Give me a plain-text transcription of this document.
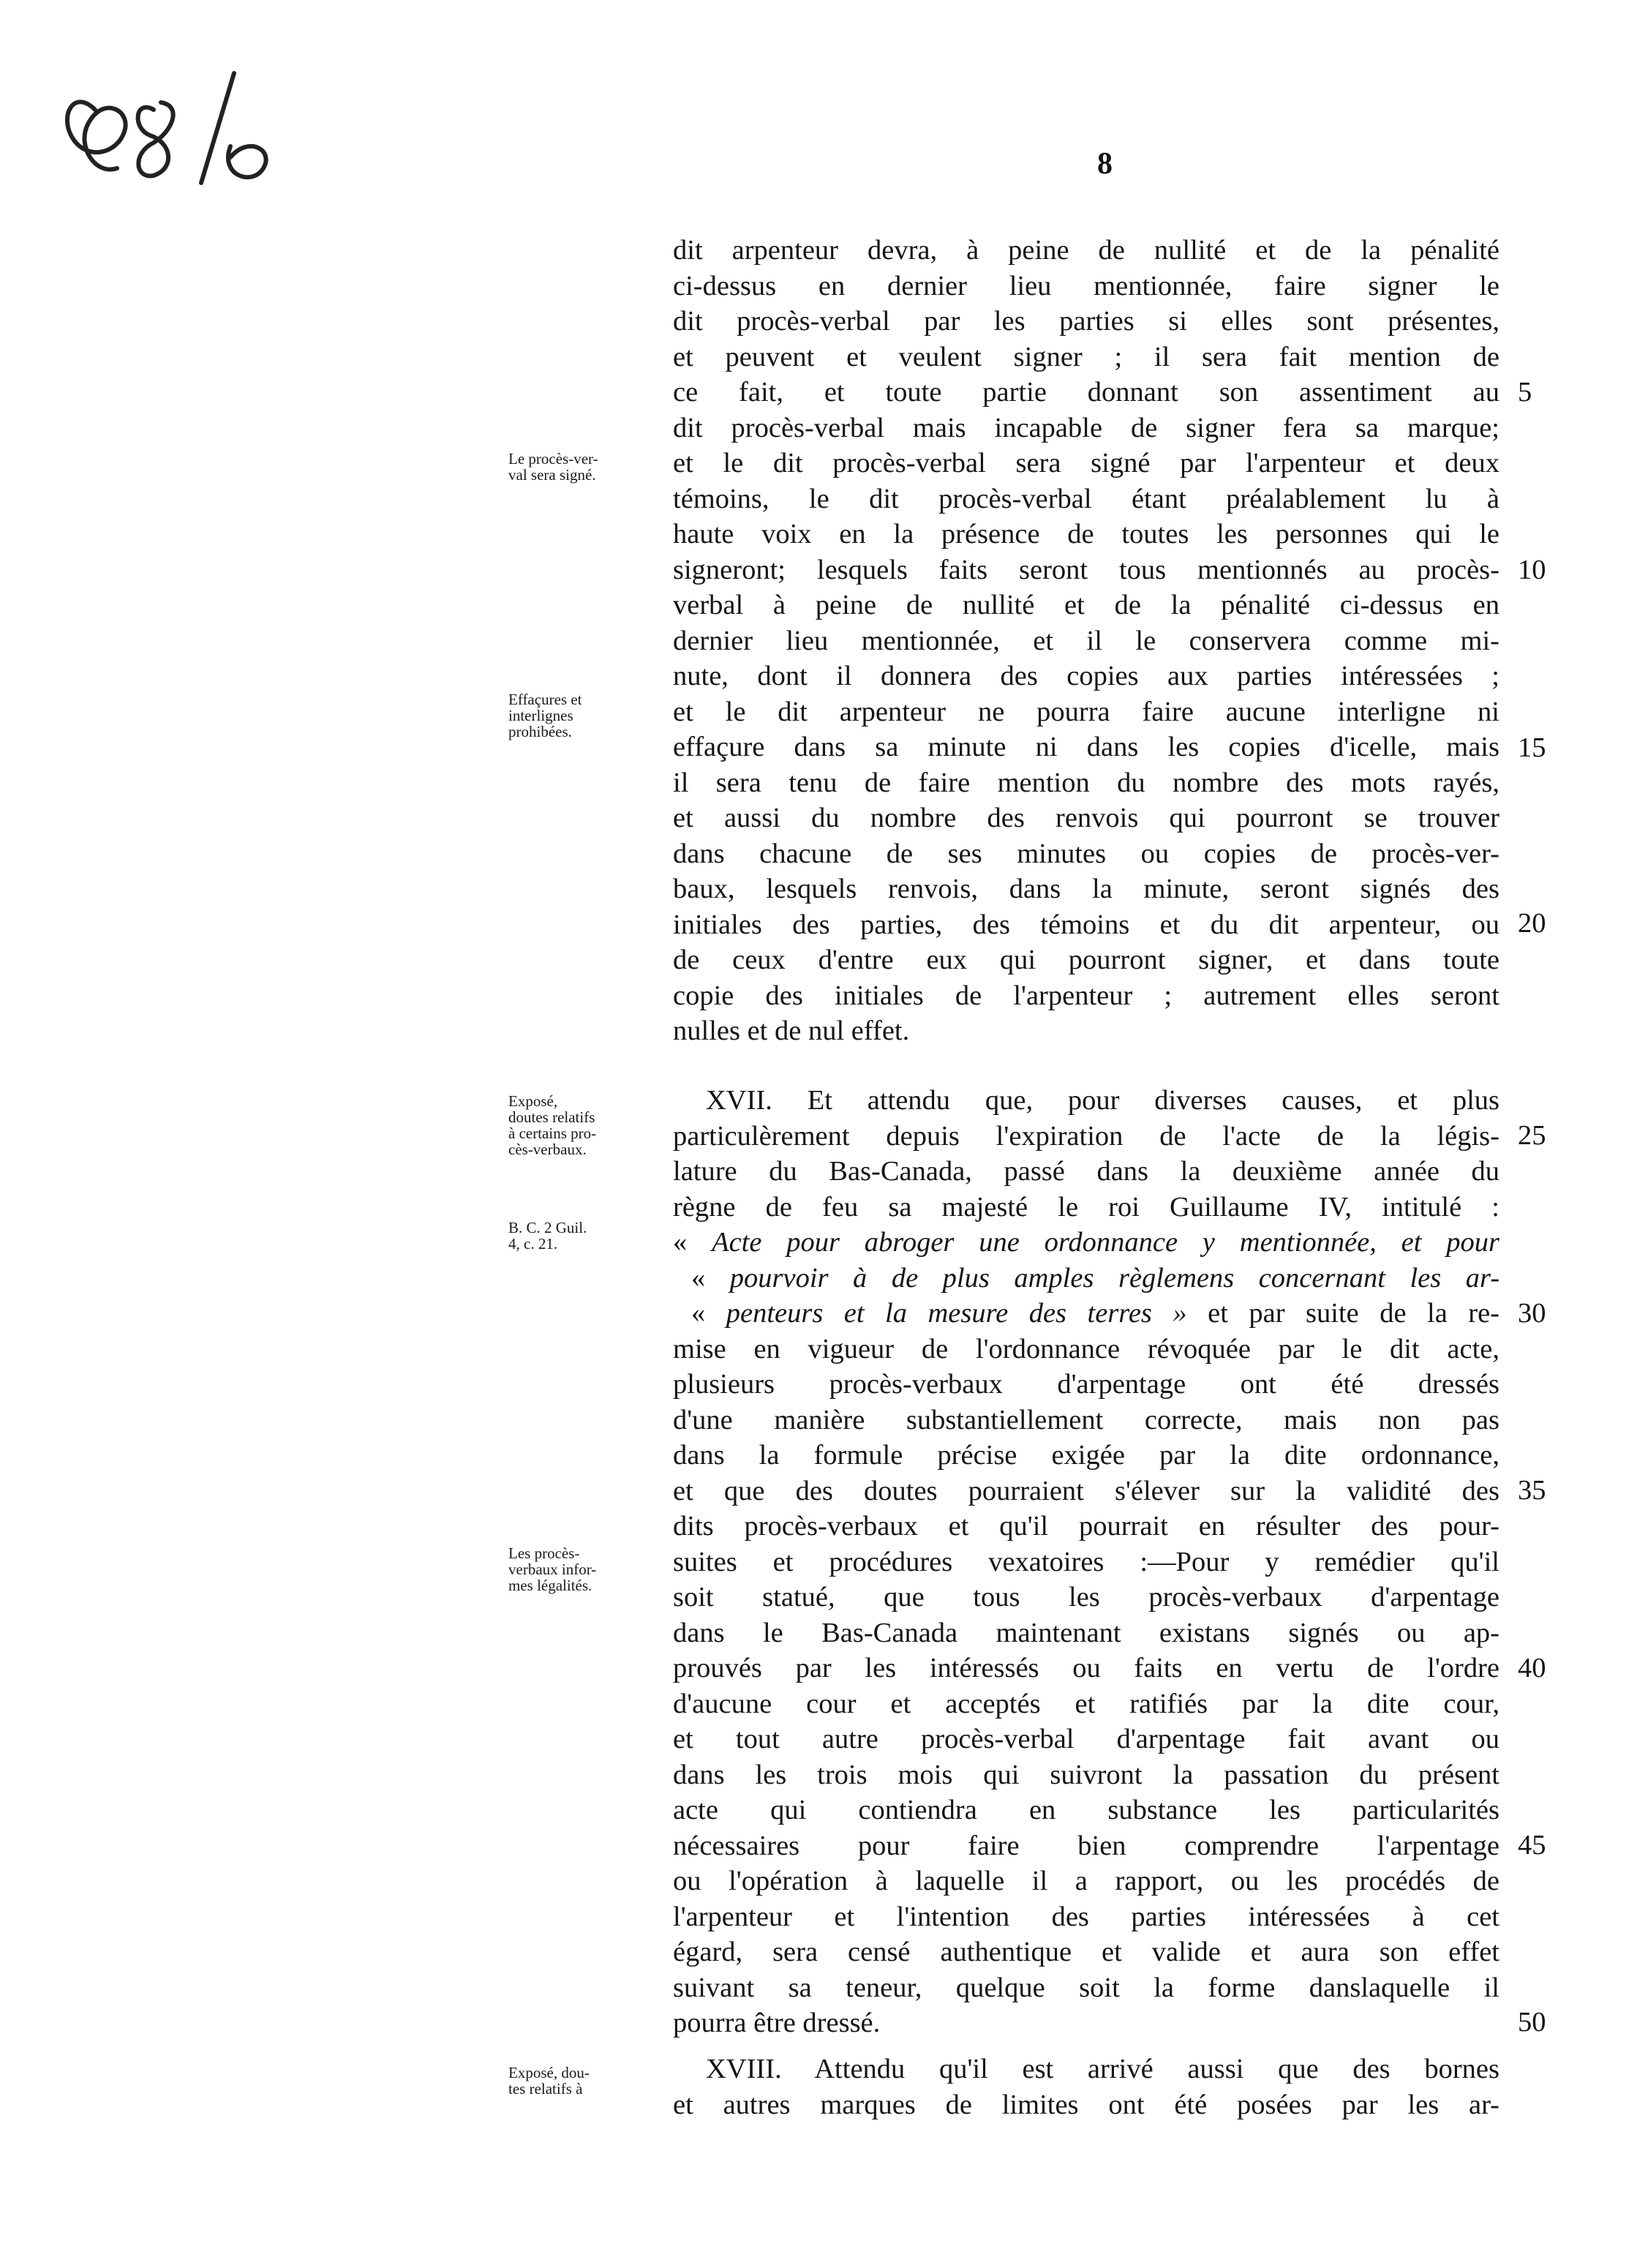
8
dit arpenteur devra, à peine de nullité et de la pénalité
ci-dessus en dernier lieu mentionnée, faire signer le
dit procès-verbal par les parties si elles sont présentes,
et peuvent et veulent signer ; il sera fait mention de
ce fait, et toute partie donnant son assentiment au
dit procès-verbal mais incapable de signer fera sa marque;
et le dit procès-verbal sera signé par l'arpenteur et deux
témoins, le dit procès-verbal étant préalablement lu à
haute voix en la présence de toutes les personnes qui le
signeront; lesquels faits seront tous mentionnés au procès-
verbal à peine de nullité et de la pénalité ci-dessus en
dernier lieu mentionnée, et il le conservera comme mi-
nute, dont il donnera des copies aux parties intéressées ;
et le dit arpenteur ne pourra faire aucune interligne ni
effaçure dans sa minute ni dans les copies d'icelle, mais
il sera tenu de faire mention du nombre des mots rayés,
et aussi du nombre des renvois qui pourront se trouver
dans chacune de ses minutes ou copies de procès-ver-
baux, lesquels renvois, dans la minute, seront signés des
initiales des parties, des témoins et du dit arpenteur, ou
de ceux d'entre eux qui pourront signer, et dans toute
copie des initiales de l'arpenteur ; autrement elles seront
nulles et de nul effet.
XVII. Et attendu que, pour diverses causes, et plus
particulèrement depuis l'expiration de l'acte de la légis-
lature du Bas-Canada, passé dans la deuxième année du
règne de feu sa majesté le roi Guillaume IV, intitulé :
« Acte pour abroger une ordonnance y mentionnée, et pour
« pourvoir à de plus amples règlemens concernant les ar-
« penteurs et la mesure des terres » et par suite de la re-
mise en vigueur de l'ordonnance révoquée par le dit acte,
plusieurs procès-verbaux d'arpentage ont été dressés
d'une manière substantiellement correcte, mais non pas
dans la formule précise exigée par la dite ordonnance,
et que des doutes pourraient s'élever sur la validité des
dits procès-verbaux et qu'il pourrait en résulter des pour-
suites et procédures vexatoires :—Pour y remédier qu'il
soit statué, que tous les procès-verbaux d'arpentage
dans le Bas-Canada maintenant existans signés ou ap-
prouvés par les intéressés ou faits en vertu de l'ordre
d'aucune cour et acceptés et ratifiés par la dite cour,
et tout autre procès-verbal d'arpentage fait avant ou
dans les trois mois qui suivront la passation du présent
acte qui contiendra en substance les particularités
nécessaires pour faire bien comprendre l'arpentage
ou l'opération à laquelle il a rapport, ou les procédés de
l'arpenteur et l'intention des parties intéressées à cet
égard, sera censé authentique et valide et aura son effet
suivant sa teneur, quelque soit la forme danslaquelle il
pourra être dressé.
XVIII. Attendu qu'il est arrivé aussi que des bornes
et autres marques de limites ont été posées par les ar-
5
10
15
20
25
30
35
40
45
50
Le procès-ver-
val sera signé.
Effaçures et
interlignes
prohibées.
Exposé,
doutes relatifs
à certains pro-
cès-verbaux.
B. C. 2 Guil.
4, c. 21.
Les procès-
verbaux infor-
mes légalités.
Exposé, dou-
tes relatifs à
